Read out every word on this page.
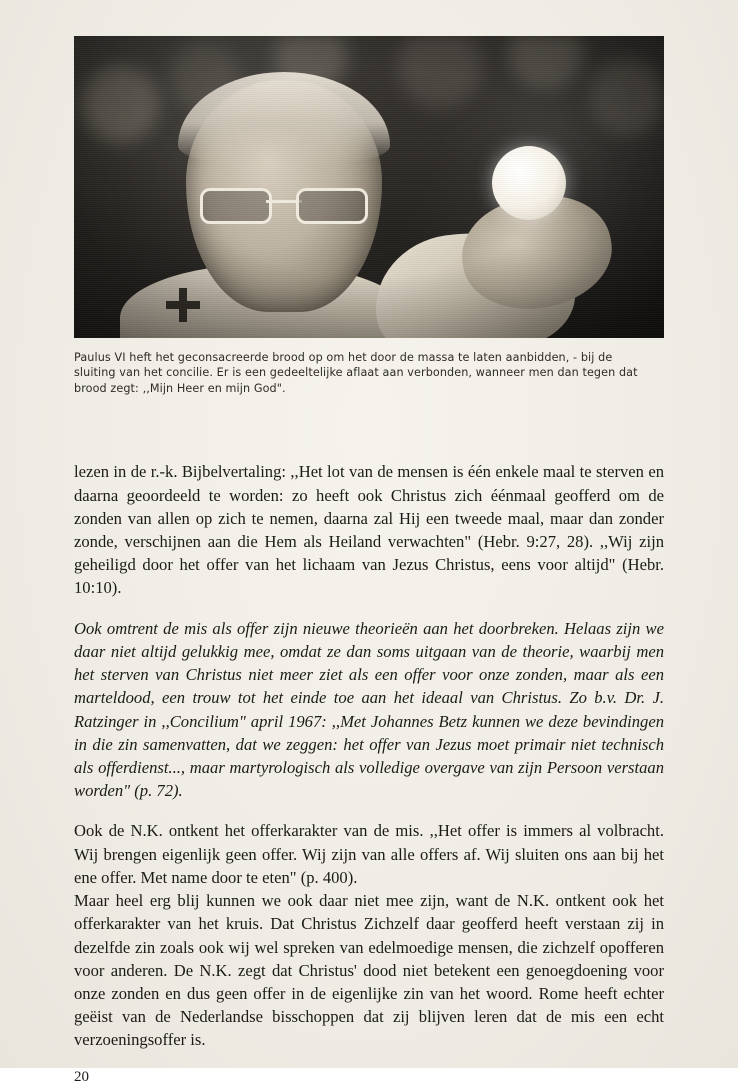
Paulus VI heft het geconsacreerde brood op om het door de massa te laten aanbidden, - bij de sluiting van het concilie. Er is een gedeeltelijke aflaat aan verbonden, wanneer men dan tegen dat brood zegt: ,,Mijn Heer en mijn God".

lezen in de r.-k. Bijbelvertaling: ,,Het lot van de mensen is één enkele maal te sterven en daarna geoordeeld te worden: zo heeft ook Christus zich éénmaal geofferd om de zonden van allen op zich te nemen, daarna zal Hij een tweede maal, maar dan zonder zonde, verschijnen aan die Hem als Heiland verwachten" (Hebr. 9:27, 28). ,,Wij zijn geheiligd door het offer van het lichaam van Jezus Christus, eens voor altijd" (Hebr. 10:10).

Ook omtrent de mis als offer zijn nieuwe theorieën aan het doorbreken. Helaas zijn we daar niet altijd gelukkig mee, omdat ze dan soms uitgaan van de theorie, waarbij men het sterven van Christus niet meer ziet als een offer voor onze zonden, maar als een marteldood, een trouw tot het einde toe aan het ideaal van Christus. Zo b.v. Dr. J. Ratzinger in ,,Concilium" april 1967: ,,Met Johannes Betz kunnen we deze bevindingen in die zin samenvatten, dat we zeggen: het offer van Jezus moet primair niet technisch als offerdienst..., maar martyrologisch als volledige overgave van zijn Persoon verstaan worden" (p. 72).

Ook de N.K. ontkent het offerkarakter van de mis. ,,Het offer is immers al volbracht. Wij brengen eigenlijk geen offer. Wij zijn van alle offers af. Wij sluiten ons aan bij het ene offer. Met name door te eten" (p. 400).

Maar heel erg blij kunnen we ook daar niet mee zijn, want de N.K. ontkent ook het offerkarakter van het kruis. Dat Christus Zichzelf daar geofferd heeft verstaan zij in dezelfde zin zoals ook wij wel spreken van edelmoedige mensen, die zichzelf opofferen voor anderen. De N.K. zegt dat Christus' dood niet betekent een genoegdoening voor onze zonden en dus geen offer in de eigenlijke zin van het woord. Rome heeft echter geëist van de Nederlandse bisschoppen dat zij blijven leren dat de mis een echt verzoeningsoffer is.

20
